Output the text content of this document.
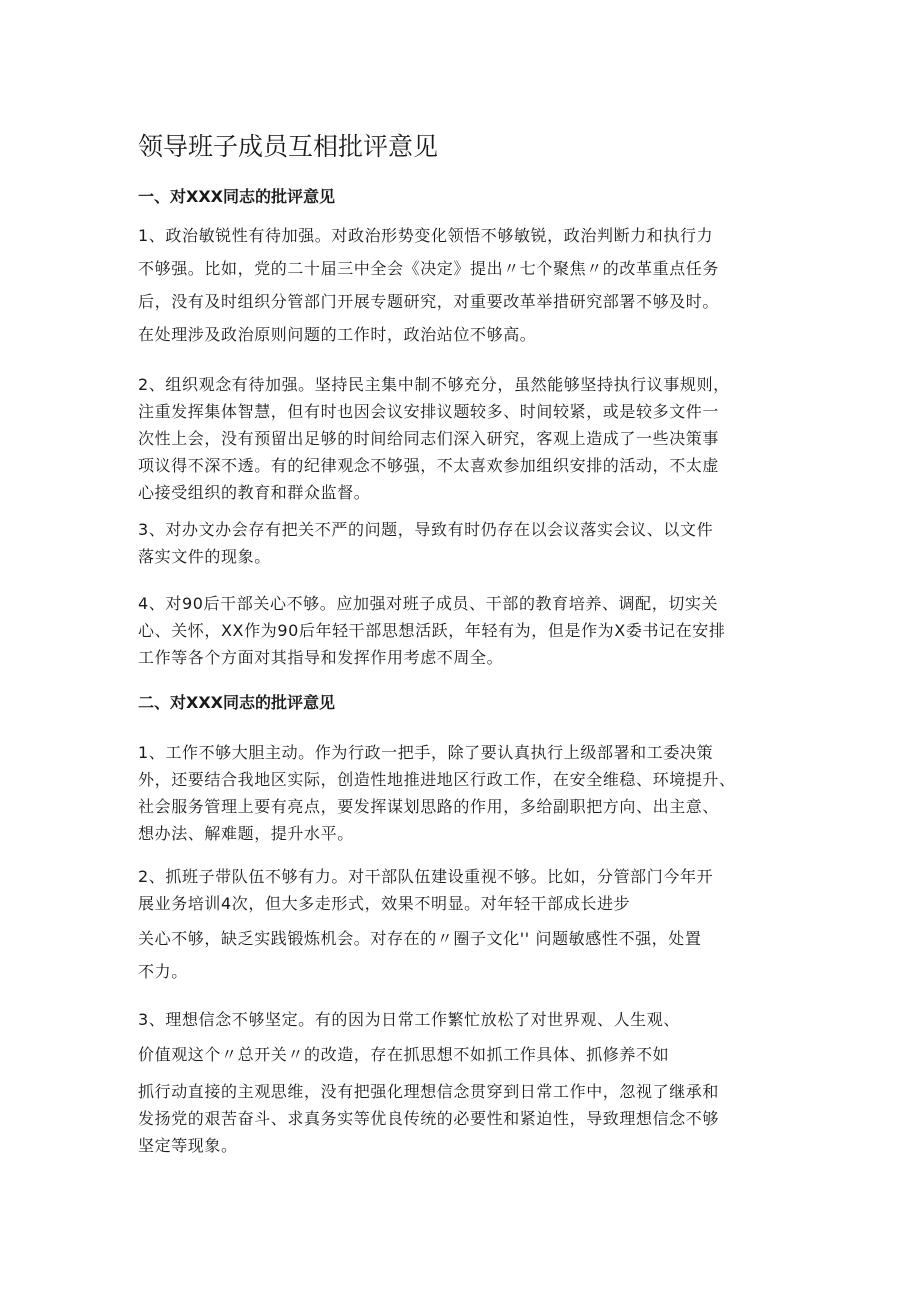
领导班子成员互相批评意见
一、对XXX同志的批评意见
1、政治敏锐性有待加强。对政治形势变化领悟不够敏锐，政治判断力和执行力
不够强。比如，党的二十届三中全会《决定》提出〃七个聚焦〃的改革重点任务
后，没有及时组织分管部门开展专题研究，对重要改革举措研究部署不够及时。
在处理涉及政治原则问题的工作时，政治站位不够高。
2、组织观念有待加强。坚持民主集中制不够充分，虽然能够坚持执行议事规则，
注重发挥集体智慧，但有时也因会议安排议题较多、时间较紧，或是较多文件一
次性上会，没有预留出足够的时间给同志们深入研究，客观上造成了一些决策事
项议得不深不透。有的纪律观念不够强，不太喜欢参加组织安排的活动，不太虚
心接受组织的教育和群众监督。
3、对办文办会存有把关不严的问题，导致有时仍存在以会议落实会议、以文件
落实文件的现象。
4、对90后干部关心不够。应加强对班子成员、干部的教育培养、调配，切实关
心、关怀，XX作为90后年轻干部思想活跃，年轻有为，但是作为X委书记在安排
工作等各个方面对其指导和发挥作用考虑不周全。
二、对XXX同志的批评意见
1、工作不够大胆主动。作为行政一把手，除了要认真执行上级部署和工委决策
外，还要结合我地区实际，创造性地推进地区行政工作，在安全维稳、环境提升、
社会服务管理上要有亮点，要发挥谋划思路的作用，多给副职把方向、出主意、
想办法、解难题，提升水平。
2、抓班子带队伍不够有力。对干部队伍建设重视不够。比如，分管部门今年开
展业务培训4次，但大多走形式，效果不明显。对年轻干部成长进步
关心不够，缺乏实践锻炼机会。对存在的〃圈子文化'' 问题敏感性不强，处置
不力。
3、理想信念不够坚定。有的因为日常工作繁忙放松了对世界观、人生观、
价值观这个〃总开关〃的改造，存在抓思想不如抓工作具体、抓修养不如
抓行动直接的主观思维，没有把强化理想信念贯穿到日常工作中，忽视了继承和
发扬党的艰苦奋斗、求真务实等优良传统的必要性和紧迫性，导致理想信念不够
坚定等现象。
